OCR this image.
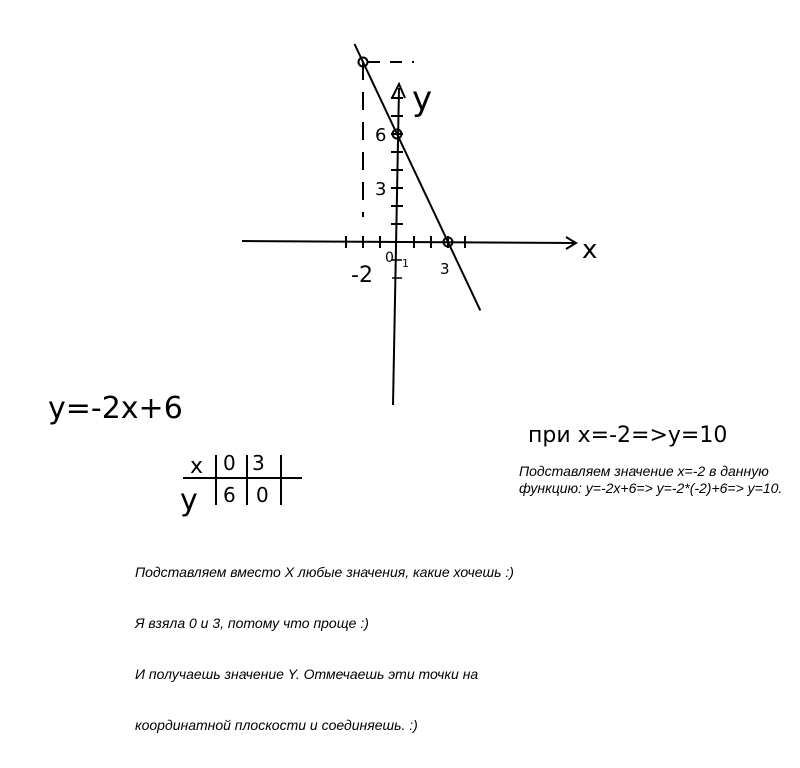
-2
0 1 3
3
6
x
y
y=-2x+6
x 0 3
y 6 0
при x=-2=>y=10
Подставляем значение x=-2 в данную функцию: y=-2x+6=> y=-2*(-2)+6=> y=10.

Подставляем вместо X любые значения, какие хочешь :)

Я взяла 0 и 3, потому что проще :)

И получаешь значение Y. Отмечаешь эти точки на

координатной плоскости и соединяешь. :)
